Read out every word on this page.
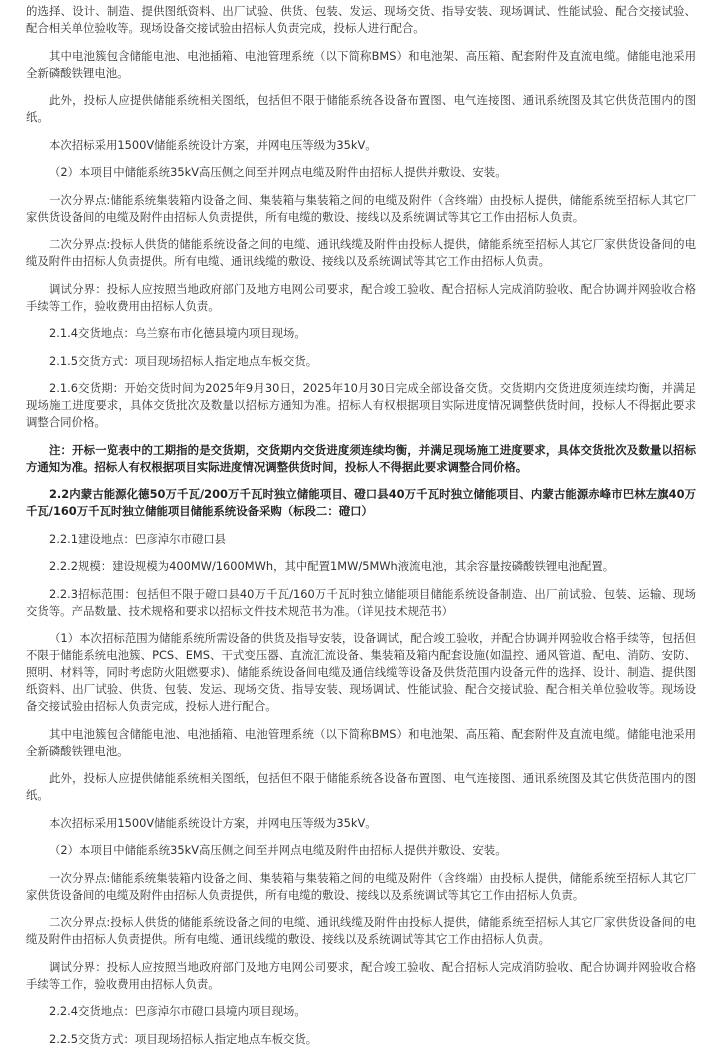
的选择、设计、制造、提供图纸资料、出厂试验、供货、包装、发运、现场交货、指导安装、现场调试、性能试验、配合交接试验、配合相关单位验收等。现场设备交接试验由招标人负责完成，投标人进行配合。

其中电池簇包含储能电池、电池插箱、电池管理系统（以下简称BMS）和电池架、高压箱、配套附件及直流电缆。储能电池采用全新磷酸铁锂电池。

此外，投标人应提供储能系统相关图纸，包括但不限于储能系统各设备布置图、电气连接图、通讯系统图及其它供货范围内的图纸。

本次招标采用1500V储能系统设计方案，并网电压等级为35kV。

（2）本项目中储能系统35kV高压侧之间至并网点电缆及附件由招标人提供并敷设、安装。

一次分界点:储能系统集装箱内设备之间、集装箱与集装箱之间的电缆及附件（含终端）由投标人提供，储能系统至招标人其它厂家供货设备间的电缆及附件由招标人负责提供，所有电缆的敷设、接线以及系统调试等其它工作由招标人负责。

二次分界点:投标人供货的储能系统设备之间的电缆、通讯线缆及附件由投标人提供，储能系统至招标人其它厂家供货设备间的电缆及附件由招标人负责提供。所有电缆、通讯线缆的敷设、接线以及系统调试等其它工作由招标人负责。

调试分界：投标人应按照当地政府部门及地方电网公司要求，配合竣工验收、配合招标人完成消防验收、配合协调并网验收合格手续等工作，验收费用由招标人负责。

2.1.4交货地点：乌兰察布市化德县境内项目现场。

2.1.5交货方式：项目现场招标人指定地点车板交货。

2.1.6交货期：开始交货时间为2025年9月30日，2025年10月30日完成全部设备交货。交货期内交货进度须连续均衡，并满足现场施工进度要求，具体交货批次及数量以招标方通知为准。招标人有权根据项目实际进度情况调整供货时间，投标人不得据此要求调整合同价格。

注：开标一览表中的工期指的是交货期，交货期内交货进度须连续均衡，并满足现场施工进度要求，具体交货批次及数量以招标方通知为准。招标人有权根据项目实际进度情况调整供货时间，投标人不得据此要求调整合同价格。

2.2内蒙古能源化德50万千瓦/200万千瓦时独立储能项目、磴口县40万千瓦时独立储能项目、内蒙古能源赤峰市巴林左旗40万千瓦/160万千瓦时独立储能项目储能系统设备采购（标段二：磴口）

2.2.1建设地点：巴彦淖尔市磴口县

2.2.2规模：建设规模为400MW/1600MWh，其中配置1MW/5MWh液流电池，其余容量按磷酸铁锂电池配置。

2.2.3招标范围：包括但不限于磴口县40万千瓦/160万千瓦时独立储能项目储能系统设备制造、出厂前试验、包装、运输、现场交货等。产品数量、技术规格和要求以招标文件技术规范书为准。（详见技术规范书）

（1）本次招标范围为储能系统所需设备的供货及指导安装，设备调试，配合竣工验收，并配合协调并网验收合格手续等，包括但不限于储能系统电池簇、PCS、EMS、干式变压器、直流汇流设备、集装箱及箱内配套设施(如温控、通风管道、配电、消防、安防、照明、材料等，同时考虑防火阻燃要求)、储能系统设备间电缆及通信线缆等设备及供货范围内设备元件的选择、设计、制造、提供图纸资料、出厂试验、供货、包装、发运、现场交货、指导安装、现场调试、性能试验、配合交接试验、配合相关单位验收等。现场设备交接试验由招标人负责完成，投标人进行配合。

其中电池簇包含储能电池、电池插箱、电池管理系统（以下简称BMS）和电池架、高压箱、配套附件及直流电缆。储能电池采用全新磷酸铁锂电池。

此外，投标人应提供储能系统相关图纸，包括但不限于储能系统各设备布置图、电气连接图、通讯系统图及其它供货范围内的图纸。

本次招标采用1500V储能系统设计方案，并网电压等级为35kV。

（2）本项目中储能系统35kV高压侧之间至并网点电缆及附件由招标人提供并敷设、安装。

一次分界点:储能系统集装箱内设备之间、集装箱与集装箱之间的电缆及附件（含终端）由投标人提供，储能系统至招标人其它厂家供货设备间的电缆及附件由招标人负责提供，所有电缆的敷设、接线以及系统调试等其它工作由招标人负责。

二次分界点:投标人供货的储能系统设备之间的电缆、通讯线缆及附件由投标人提供，储能系统至招标人其它厂家供货设备间的电缆及附件由招标人负责提供。所有电缆、通讯线缆的敷设、接线以及系统调试等其它工作由招标人负责。

调试分界：投标人应按照当地政府部门及地方电网公司要求，配合竣工验收、配合招标人完成消防验收、配合协调并网验收合格手续等工作，验收费用由招标人负责。

2.2.4交货地点：巴彦淖尔市磴口县境内项目现场。

2.2.5交货方式：项目现场招标人指定地点车板交货。
